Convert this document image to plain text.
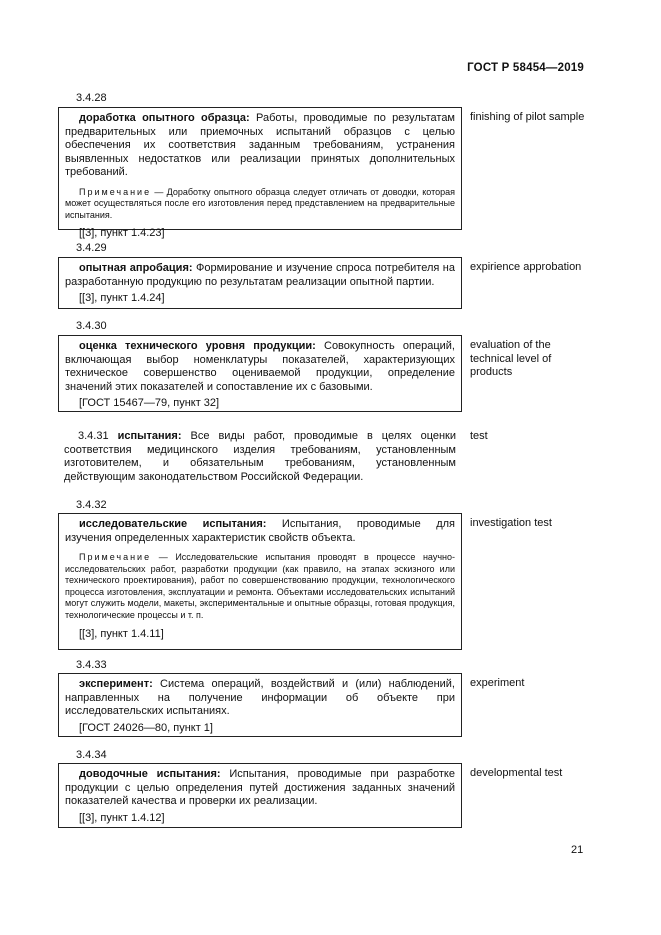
ГОСТ Р 58454—2019
3.4.28

доработка опытного образца: Работы, проводимые по результатам предварительных или приемочных испытаний образцов с целью обеспечения их соответствия заданным требованиям, устранения выявленных недостатков или реализации принятых дополнительных требований.

Примечание — Доработку опытного образца следует отличать от доводки, которая может осуществляться после его изготовления перед представлением на предварительные испытания.

[[3], пункт 1.4.23]

finishing of pilot sample
3.4.29

опытная апробация: Формирование и изучение спроса потребителя на разработанную продукцию по результатам реализации опытной партии.

[[3], пункт 1.4.24]

expirience approbation
3.4.30

оценка технического уровня продукции: Совокупность операций, включающая выбор номенклатуры показателей, характеризующих техническое совершенство оцениваемой продукции, определение значений этих показателей и сопоставление их с базовыми.

[ГОСТ 15467—79, пункт 32]

evaluation of the technical level of products

3.4.31 испытания: Все виды работ, проводимые в целях оценки соответствия медицинского изделия требованиям, установленным изготовителем, и обязательным требованиям, установленным действующим законодательством Российской Федерации.

test
3.4.32

исследовательские испытания: Испытания, проводимые для изучения определенных характеристик свойств объекта.

Примечание — Исследовательские испытания проводят в процессе научно-исследовательских работ, разработки продукции (как правило, на этапах эскизного или технического проектирования), работ по совершенствованию продукции, технологического процесса изготовления, эксплуатации и ремонта. Объектами исследовательских испытаний могут служить модели, макеты, экспериментальные и опытные образцы, готовая продукция, технологические процессы и т. п.

[[3], пункт 1.4.11]

investigation test
3.4.33

эксперимент: Система операций, воздействий и (или) наблюдений, направленных на получение информации об объекте при исследовательских испытаниях.

[ГОСТ 24026—80, пункт 1]

experiment
3.4.34

доводочные испытания: Испытания, проводимые при разработке продукции с целью определения путей достижения заданных значений показателей качества и проверки их реализации.

[[3], пункт 1.4.12]

developmental test
21
